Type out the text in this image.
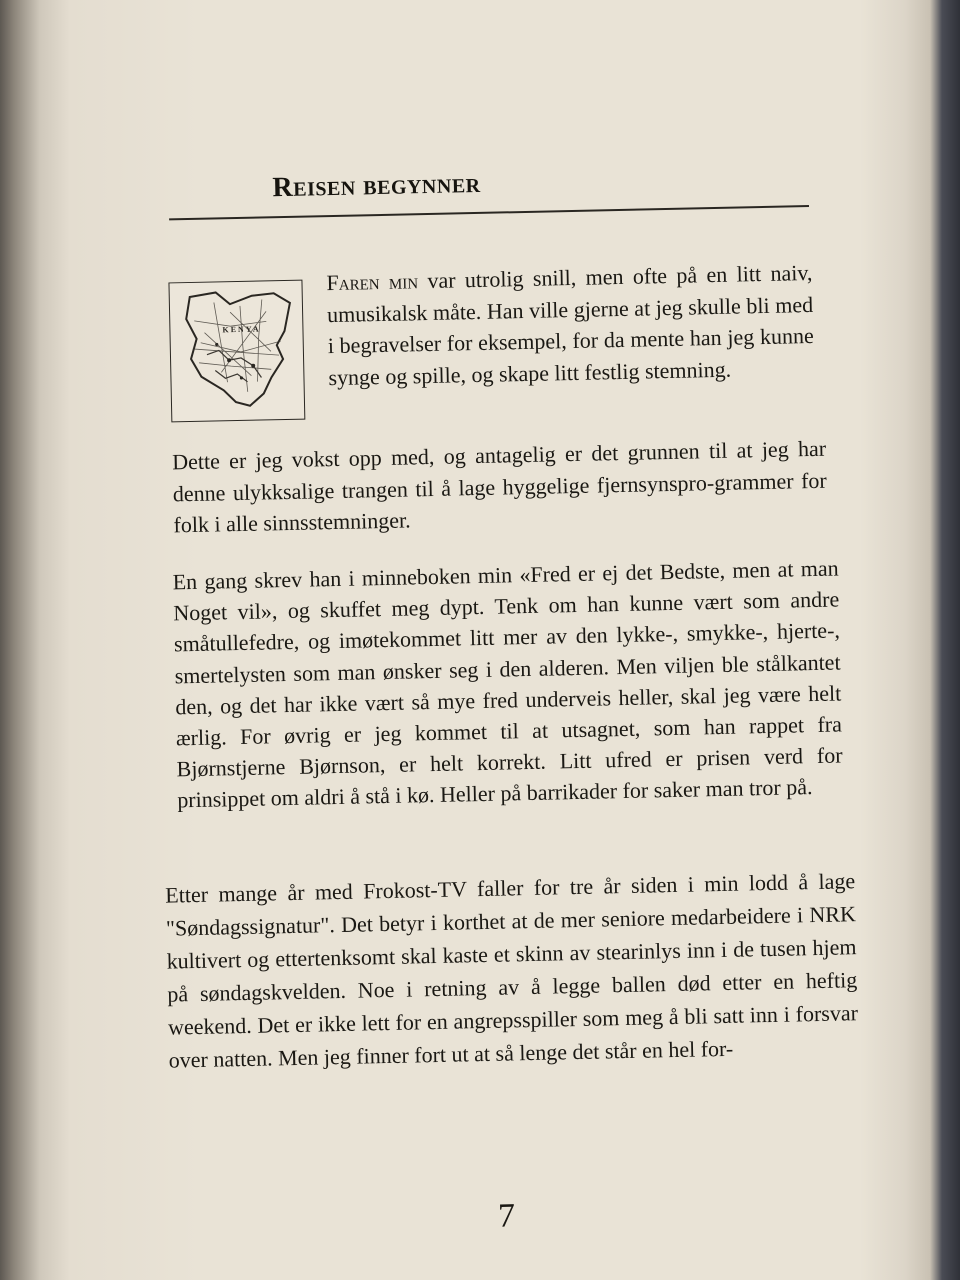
Reisen begynner
KENYA

Faren min var utrolig snill, men ofte på en litt naiv, umusikalsk måte. Han ville gjerne at jeg skulle bli med i begravelser for eksempel, for da mente han jeg kunne synge og spille, og skape litt festlig stemning.

Dette er jeg vokst opp med, og antagelig er det grunnen til at jeg har denne ulykksalige trangen til å lage hyggelige fjernsynspro-grammer for folk i alle sinnsstemninger.

En gang skrev han i minneboken min «Fred er ej det Bedste, men at man Noget vil», og skuffet meg dypt. Tenk om han kunne vært som andre småtullefedre, og imøtekommet litt mer av den lykke-, smykke-, hjerte-, smertelysten som man ønsker seg i den alderen. Men viljen ble stålkantet den, og det har ikke vært så mye fred underveis heller, skal jeg være helt ærlig. For øvrig er jeg kommet til at utsagnet, som han rappet fra Bjørnstjerne Bjørnson, er helt korrekt. Litt ufred er prisen verd for prinsippet om aldri å stå i kø. Heller på barrikader for saker man tror på.

Etter mange år med Frokost-TV faller for tre år siden i min lodd å lage "Søndagssignatur". Det betyr i korthet at de mer seniore medarbeidere i NRK kultivert og ettertenksomt skal kaste et skinn av stearinlys inn i de tusen hjem på søndagskvelden. Noe i retning av å legge ballen død etter en heftig weekend. Det er ikke lett for en angrepsspiller som meg å bli satt inn i forsvar over natten. Men jeg finner fort ut at så lenge det står en hel for-

7
